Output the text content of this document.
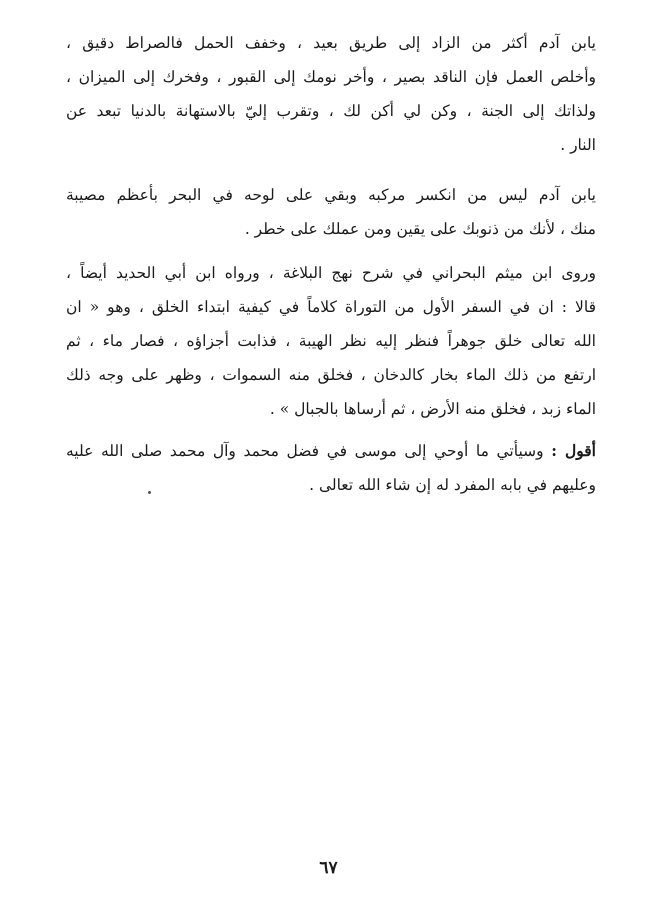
يابن آدم أكثر من الزاد إلى طريق بعيد ، وخفف الحمل فالصراط دقيق ،
وأخلص العمل فإن الناقد بصير ، وأخر نومك إلى القبور ، وفخرك إلى الميزان ،
ولذاتك إلى الجنة ، وكن لي أكن لك ، وتقرب إليّ بالاستهانة بالدنيا تبعد عن
النار .
يابن آدم ليس من انكسر مركبه وبقي على لوحه في البحر بأعظم مصيبة
منك ، لأنك من ذنوبك على يقين ومن عملك على خطر .
وروى ابن ميثم البحراني في شرح نهج البلاغة ، ورواه ابن أبي الحديد أيضاً ،
قالا : ان في السفر الأول من التوراة كلاماً في كيفية ابتداء الخلق ، وهو « ان
الله تعالى خلق جوهراً فنظر إليه نظر الهيبة ، فذابت أجزاؤه ، فصار ماء ، ثم
ارتفع من ذلك الماء بخار كالدخان ، فخلق منه السموات ، وظهر على وجه ذلك
الماء زبد ، فخلق منه الأرض ، ثم أرساها بالجبال » .
أقول : وسيأتي ما أوحي إلى موسى في فضل محمد وآل محمد صلى الله عليه
وعليهم في بابه المفرد له إن شاء الله تعالى .
٦٧
